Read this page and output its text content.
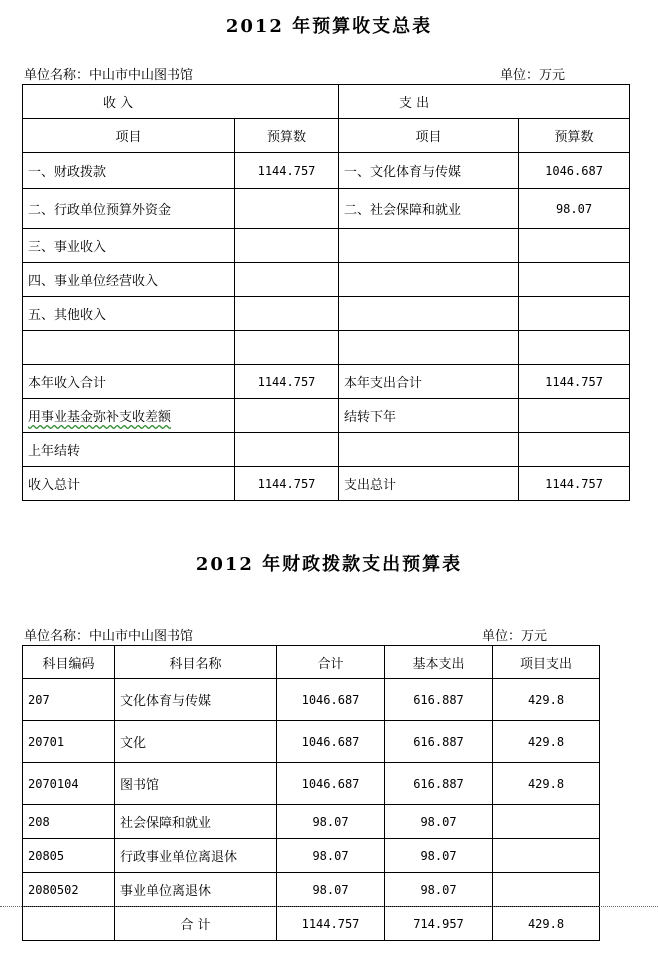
2012 年预算收支总表
单位名称：中山市中山图书馆	单位：万元
收 入		支 出	
项目	预算数	项目	预算数
一、财政拨款	1144.757	一、文化体育与传媒	1046.687
二、行政单位预算外资金		二、社会保障和就业	98.07
三、事业收入			
四、事业单位经营收入			
五、其他收入			

本年收入合计	1144.757	本年支出合计	1144.757
用事业基金弥补支收差额		结转下年	
上年结转			
收入总计	1144.757	支出总计	1144.757
2012 年财政拨款支出预算表
单位名称：中山市中山图书馆	单位：万元
科目编码	科目名称	合计	基本支出	项目支出
207	文化体育与传媒	1046.687	616.887	429.8
20701	文化	1046.687	616.887	429.8
2070104	图书馆	1046.687	616.887	429.8
208	社会保障和就业	98.07	98.07	
20805	行政事业单位离退休	98.07	98.07	
2080502	事业单位离退休	98.07	98.07	
	合 计	1144.757	714.957	429.8
